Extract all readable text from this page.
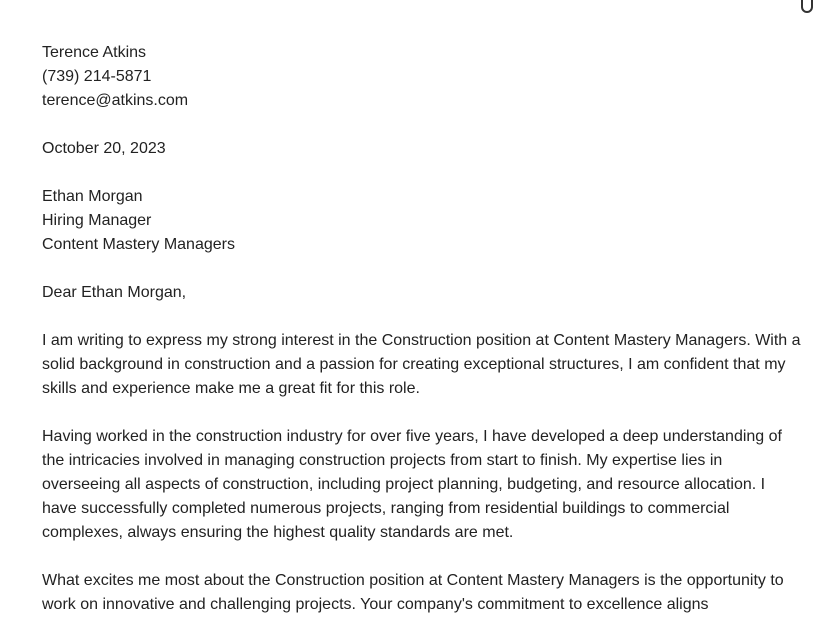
Terence Atkins
(739) 214-5871
terence@atkins.com
October 20, 2023
Ethan Morgan
Hiring Manager
Content Mastery Managers
Dear Ethan Morgan,

I am writing to express my strong interest in the Construction position at Content Mastery Managers. With a solid background in construction and a passion for creating exceptional structures, I am confident that my skills and experience make me a great fit for this role.

Having worked in the construction industry for over five years, I have developed a deep understanding of the intricacies involved in managing construction projects from start to finish. My expertise lies in overseeing all aspects of construction, including project planning, budgeting, and resource allocation. I have successfully completed numerous projects, ranging from residential buildings to commercial complexes, always ensuring the highest quality standards are met.

What excites me most about the Construction position at Content Mastery Managers is the opportunity to work on innovative and challenging projects. Your company's commitment to excellence aligns
